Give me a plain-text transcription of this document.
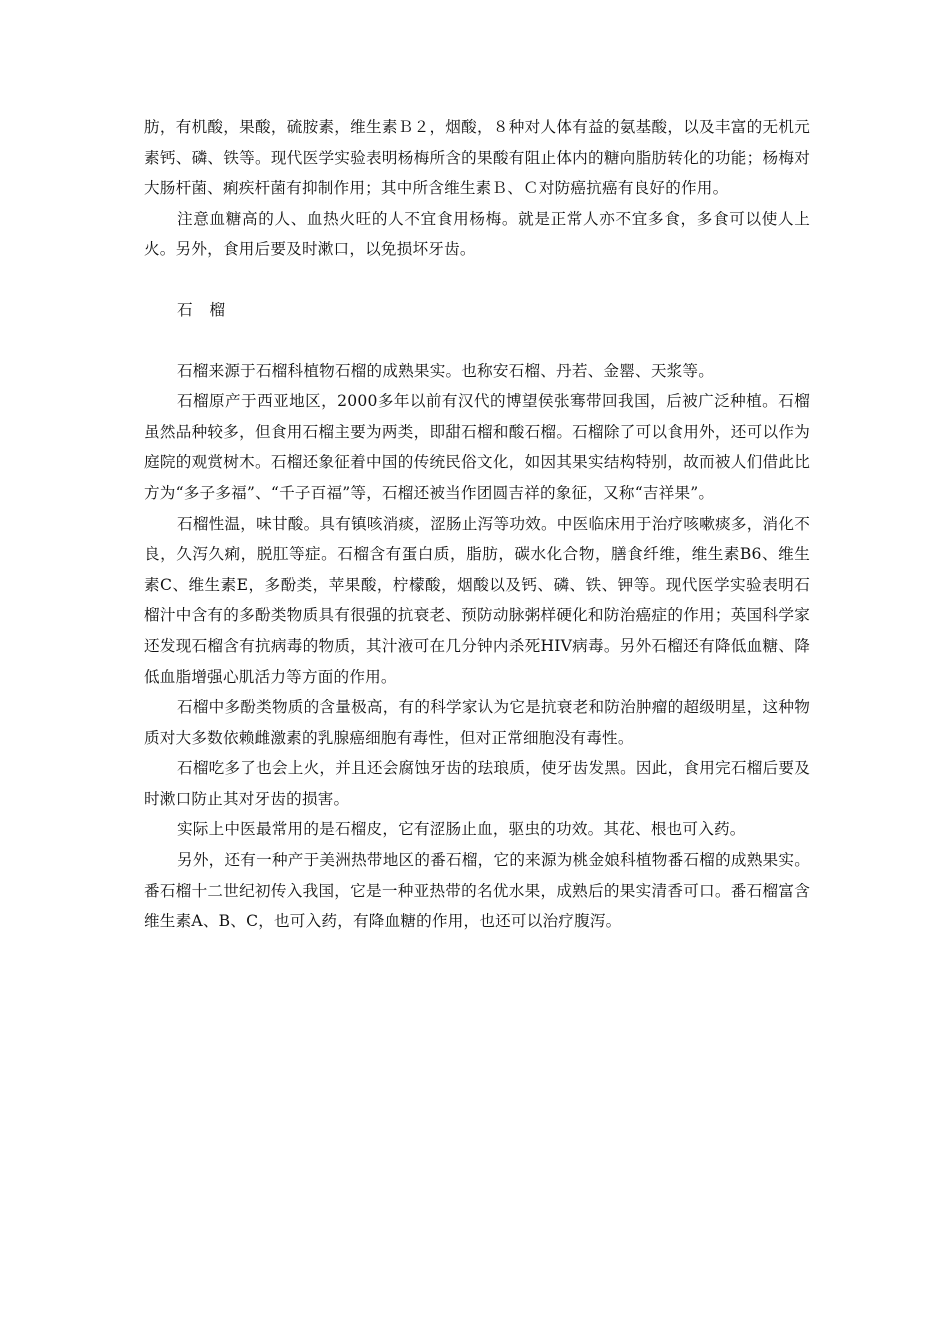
肪，有机酸，果酸，硫胺素，维生素Ｂ２，烟酸，８种对人体有益的氨基酸，以及丰富的无机元素钙、磷、铁等。现代医学实验表明杨梅所含的果酸有阻止体内的糖向脂肪转化的功能；杨梅对大肠杆菌、痢疾杆菌有抑制作用；其中所含维生素Ｂ、Ｃ对防癌抗癌有良好的作用。

注意血糖高的人、血热火旺的人不宜食用杨梅。就是正常人亦不宜多食，多食可以使人上火。另外，食用后要及时漱口，以免损坏牙齿。

石 榴

石榴来源于石榴科植物石榴的成熟果实。也称安石榴、丹若、金罂、天浆等。

石榴原产于西亚地区，2000多年以前有汉代的博望侯张骞带回我国，后被广泛种植。石榴虽然品种较多，但食用石榴主要为两类，即甜石榴和酸石榴。石榴除了可以食用外，还可以作为庭院的观赏树木。石榴还象征着中国的传统民俗文化，如因其果实结构特别，故而被人们借此比方为“多子多福”、“千子百福”等，石榴还被当作团圆吉祥的象征，又称“吉祥果”。

石榴性温，味甘酸。具有镇咳消痰，涩肠止泻等功效。中医临床用于治疗咳嗽痰多，消化不良，久泻久痢，脱肛等症。石榴含有蛋白质，脂肪，碳水化合物，膳食纤维，维生素B6、维生素C、维生素E，多酚类，苹果酸，柠檬酸，烟酸以及钙、磷、铁、钾等。现代医学实验表明石榴汁中含有的多酚类物质具有很强的抗衰老、预防动脉粥样硬化和防治癌症的作用；英国科学家还发现石榴含有抗病毒的物质，其汁液可在几分钟内杀死HIV病毒。另外石榴还有降低血糖、降低血脂增强心肌活力等方面的作用。

石榴中多酚类物质的含量极高，有的科学家认为它是抗衰老和防治肿瘤的超级明星，这种物质对大多数依赖雌激素的乳腺癌细胞有毒性，但对正常细胞没有毒性。

石榴吃多了也会上火，并且还会腐蚀牙齿的珐琅质，使牙齿发黑。因此，食用完石榴后要及时漱口防止其对牙齿的损害。

实际上中医最常用的是石榴皮，它有涩肠止血，驱虫的功效。其花、根也可入药。

另外，还有一种产于美洲热带地区的番石榴，它的来源为桃金娘科植物番石榴的成熟果实。番石榴十二世纪初传入我国，它是一种亚热带的名优水果，成熟后的果实清香可口。番石榴富含维生素A、B、C，也可入药，有降血糖的作用，也还可以治疗腹泻。
